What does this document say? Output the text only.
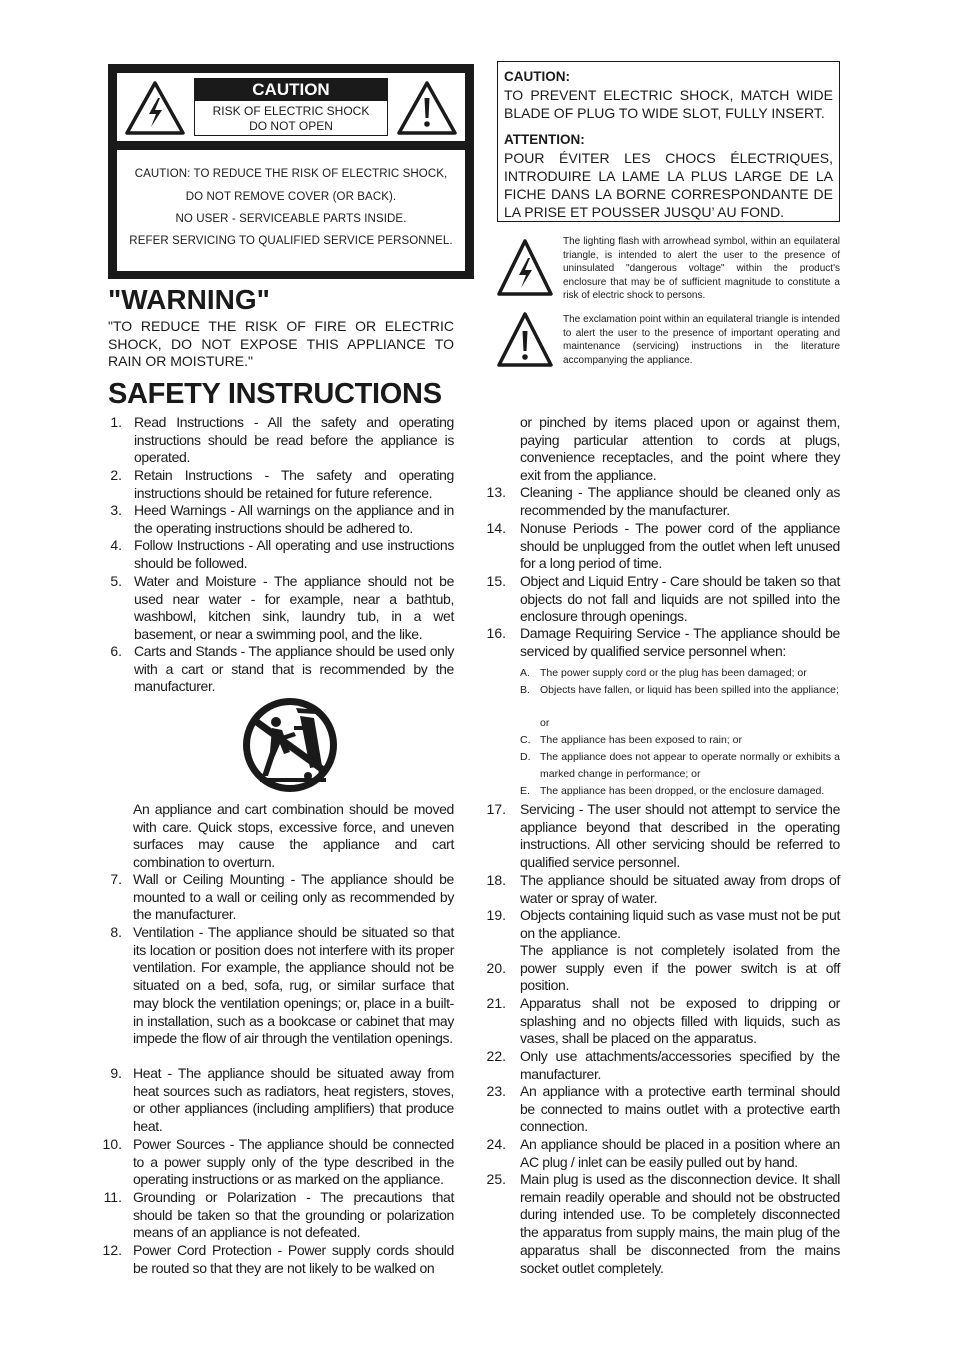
CAUTION
RISK OF ELECTRIC SHOCK
DO NOT OPEN
CAUTION: TO REDUCE THE RISK OF ELECTRIC SHOCK,
DO NOT REMOVE COVER (OR BACK).
NO USER - SERVICEABLE PARTS INSIDE.
REFER SERVICING TO QUALIFIED SERVICE PERSONNEL.
CAUTION:
TO PREVENT ELECTRIC SHOCK, MATCH WIDE BLADE OF PLUG TO WIDE SLOT, FULLY INSERT.
ATTENTION:
POUR ÉVITER LES CHOCS ÉLECTRIQUES, INTRODUIRE LA LAME LA PLUS LARGE DE LA FICHE DANS LA BORNE CORRESPONDANTE DE LA PRISE ET POUSSER JUSQU’ AU FOND.
The lighting flash with arrowhead symbol, within an equilateral triangle, is intended to alert the user to the presence of uninsulated "dangerous voltage" within the product's enclosure that may be of sufficient magnitude to constitute a risk of electric shock to persons.
The exclamation point within an equilateral triangle is intended to alert the user to the presence of important operating and maintenance (servicing) instructions in the literature accompanying the appliance.
"WARNING"
"TO REDUCE THE RISK OF FIRE OR ELECTRIC SHOCK, DO NOT EXPOSE THIS APPLIANCE TO RAIN OR MOISTURE."
SAFETY INSTRUCTIONS
1. Read Instructions - All the safety and operating instructions should be read before the appliance is operated.
2. Retain Instructions - The safety and operating instructions should be retained for future reference.
3. Heed Warnings - All warnings on the appliance and in the operating instructions should be adhered to.
4. Follow Instructions - All operating and use instructions should be followed.
5. Water and Moisture - The appliance should not be used near water - for example, near a bathtub, washbowl, kitchen sink, laundry tub, in a wet basement, or near a swimming pool, and the like.
6. Carts and Stands - The appliance should be used only with a cart or stand that is recommended by the manufacturer.
An appliance and cart combination should be moved with care. Quick stops, excessive force, and uneven surfaces may cause the appliance and cart combination to overturn.
7. Wall or Ceiling Mounting - The appliance should be mounted to a wall or ceiling only as recommended by the manufacturer.
8. Ventilation - The appliance should be situated so that its location or position does not interfere with its proper ventilation. For example, the appliance should not be situated on a bed, sofa, rug, or similar surface that may block the ventilation openings; or, place in a built-in installation, such as a bookcase or cabinet that may impede the flow of air through the ventilation openings.
9. Heat - The appliance should be situated away from heat sources such as radiators, heat registers, stoves, or other appliances (including amplifiers) that produce heat.
10. Power Sources - The appliance should be connected to a power supply only of the type described in the operating instructions or as marked on the appliance.
11. Grounding or Polarization - The precautions that should be taken so that the grounding or polarization means of an appliance is not defeated.
12. Power Cord Protection - Power supply cords should be routed so that they are not likely to be walked on
or pinched by items placed upon or against them, paying particular attention to cords at plugs, convenience receptacles, and the point where they exit from the appliance.
13. Cleaning - The appliance should be cleaned only as recommended by the manufacturer.
14. Nonuse Periods - The power cord of the appliance should be unplugged from the outlet when left unused for a long period of time.
15. Object and Liquid Entry - Care should be taken so that objects do not fall and liquids are not spilled into the enclosure through openings.
16. Damage Requiring Service - The appliance should be serviced by qualified service personnel when:
A. The power supply cord or the plug has been damaged; or
B. Objects have fallen, or liquid has been spilled into the appliance;
or
C. The appliance has been exposed to rain; or
D. The appliance does not appear to operate normally or exhibits a marked change in performance; or
E. The appliance has been dropped, or the enclosure damaged.
17. Servicing - The user should not attempt to service the appliance beyond that described in the operating instructions. All other servicing should be referred to qualified service personnel.
18. The appliance should be situated away from drops of water or spray of water.
19. Objects containing liquid such as vase must not be put on the appliance.
20.
The appliance is not completely isolated from the power supply even if the power switch is at off position.
21. Apparatus shall not be exposed to dripping or splashing and no objects filled with liquids, such as vases, shall be placed on the apparatus.
22. Only use attachments/accessories specified by the manufacturer.
23. An appliance with a protective earth terminal should be connected to mains outlet with a protective earth connection.
24. An appliance should be placed in a position where an AC plug / inlet can be easily pulled out by hand.
25. Main plug is used as the disconnection device. It shall remain readily operable and should not be obstructed during intended use. To be completely disconnected the apparatus from supply mains, the main plug of the apparatus shall be disconnected from the mains socket outlet completely.
